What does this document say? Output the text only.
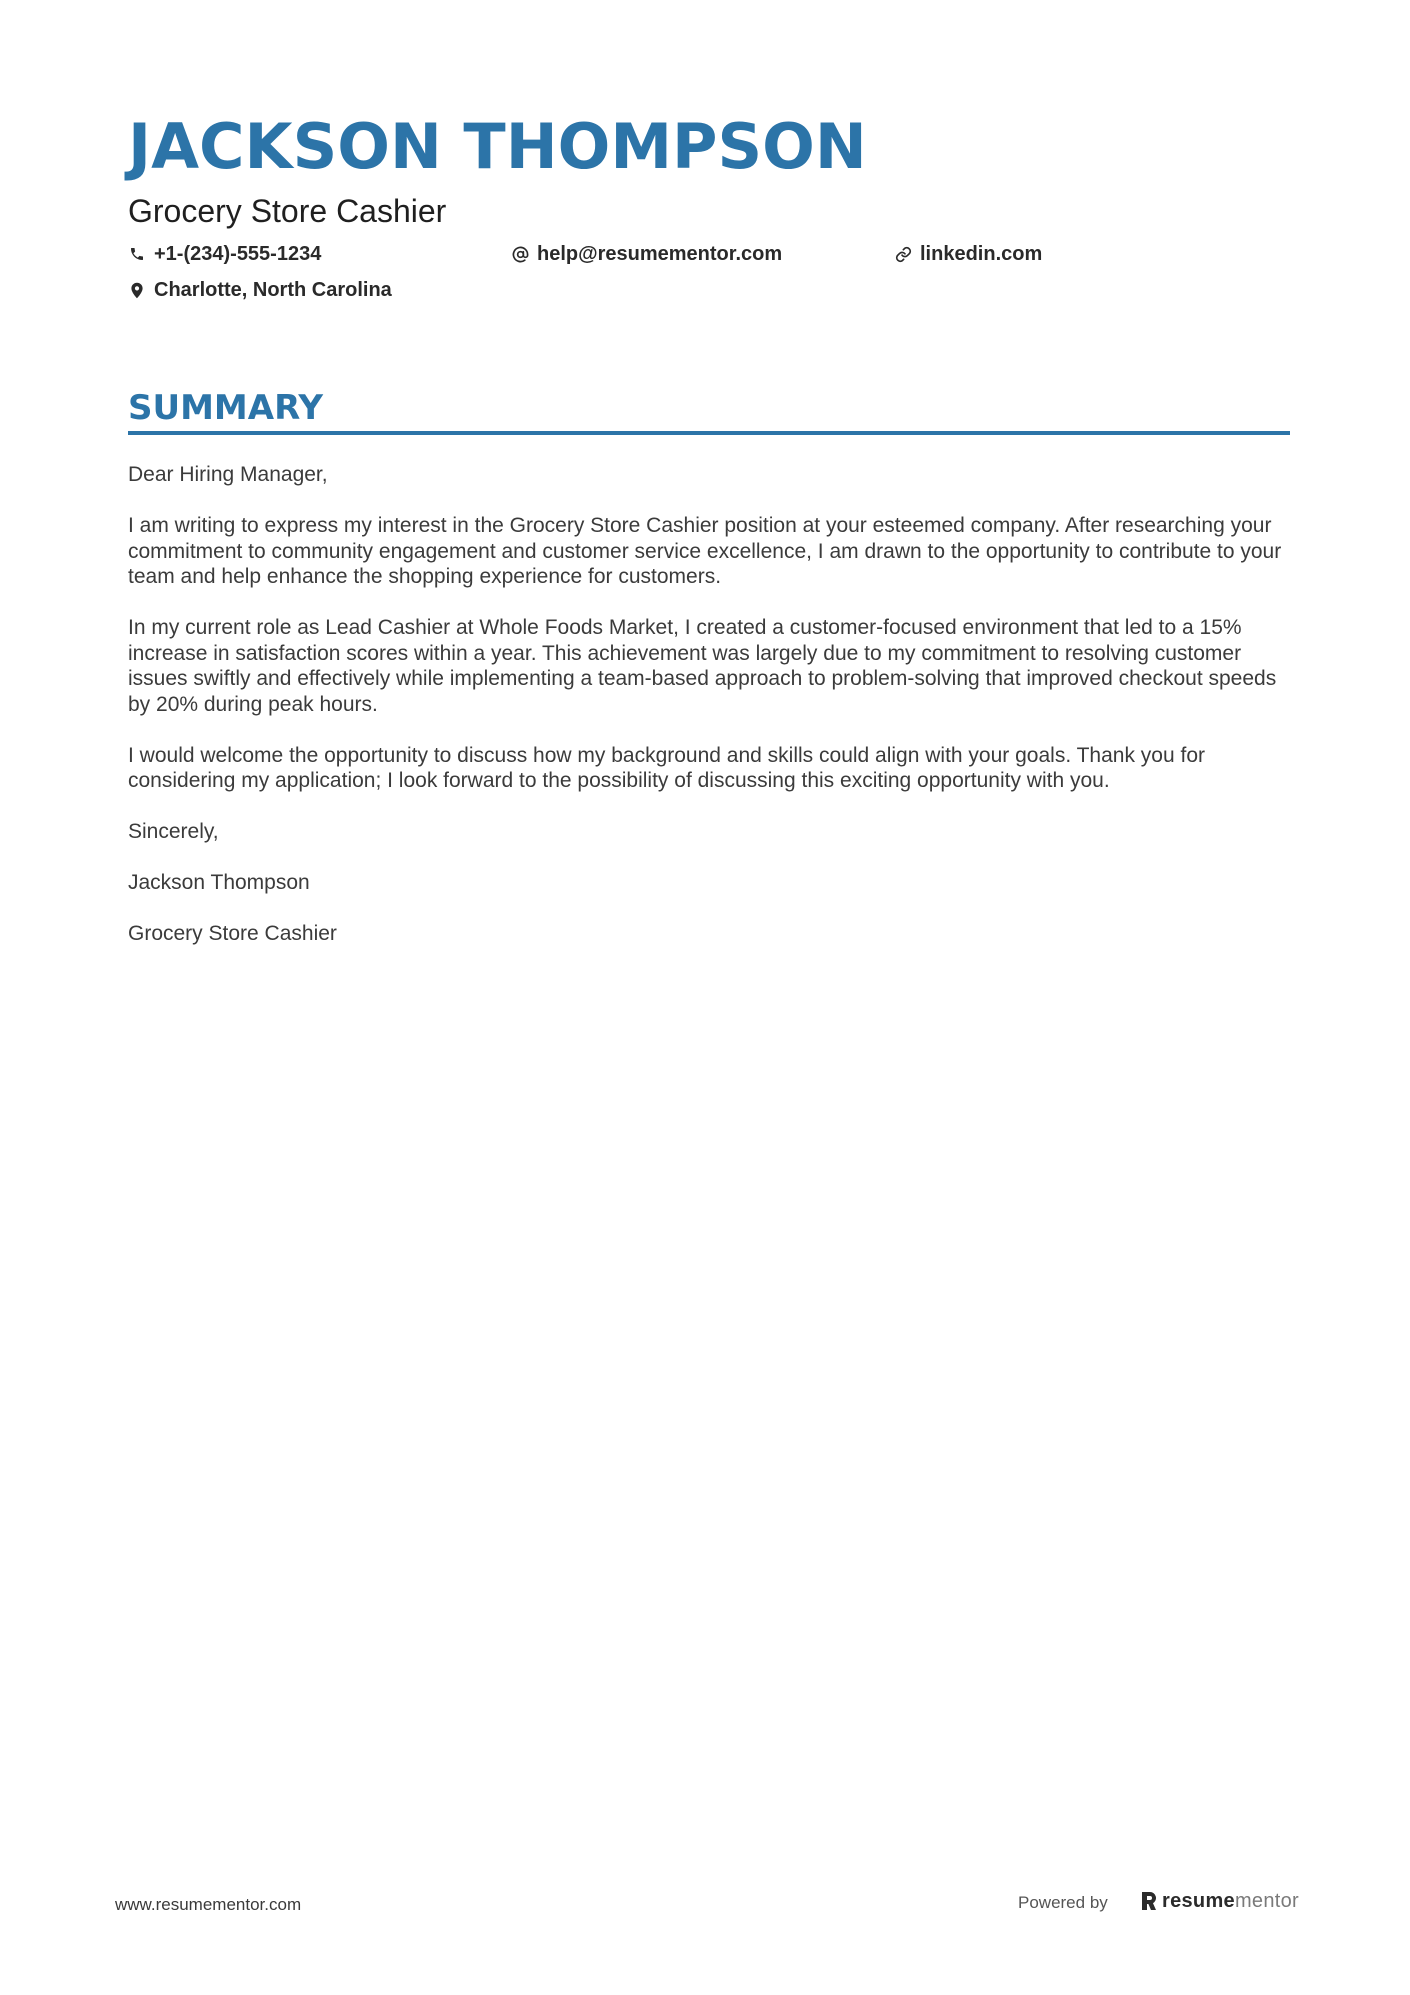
JACKSON THOMPSON
Grocery Store Cashier
+1-(234)-555-1234	help@resumementor.com	linkedin.com
Charlotte, North Carolina
SUMMARY

Dear Hiring Manager,

I am writing to express my interest in the Grocery Store Cashier position at your esteemed company. After researching your commitment to community engagement and customer service excellence, I am drawn to the opportunity to contribute to your team and help enhance the shopping experience for customers.

In my current role as Lead Cashier at Whole Foods Market, I created a customer-focused environment that led to a 15% increase in satisfaction scores within a year. This achievement was largely due to my commitment to resolving customer issues swiftly and effectively while implementing a team-based approach to problem-solving that improved checkout speeds by 20% during peak hours.

I would welcome the opportunity to discuss how my background and skills could align with your goals. Thank you for considering my application; I look forward to the possibility of discussing this exciting opportunity with you.

Sincerely,

Jackson Thompson

Grocery Store Cashier

www.resumementor.com	Powered by	resumementor
